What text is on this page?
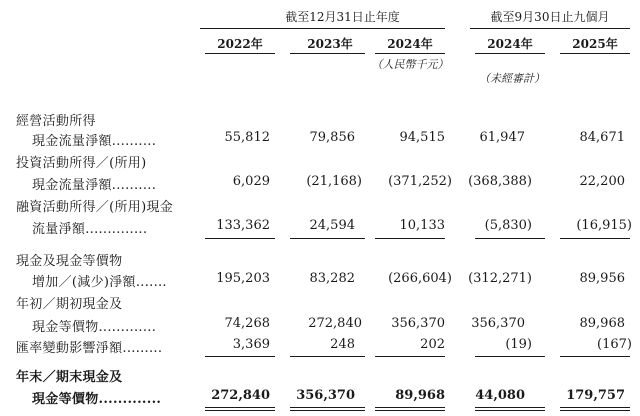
截至12月31日止年度	截至9月30日止九個月
2022年	2023年	2024年	2024年	2025年
（人民幣千元）
（未經審計）
經營活動所得
現金流量淨額..........	55,812	79,856	94,515	61,947	84,671
投資活動所得／(所用)
現金流量淨額..........	6,029	(21,168)	(371,252)	(368,388)	22,200
融資活動所得／(所用)現金
流量淨額..............	133,362	24,594	10,133	(5,830)	(16,915)
現金及現金等價物
增加／(減少)淨額.......	195,203	83,282	(266,604)	(312,271)	89,956
年初／期初現金及
現金等價物.............	74,268	272,840	356,370	356,370	89,968
匯率變動影響淨額.........	3,369	248	202	(19)	(167)
年末／期末現金及
現金等價物.............	272,840	356,370	89,968	44,080	179,757
